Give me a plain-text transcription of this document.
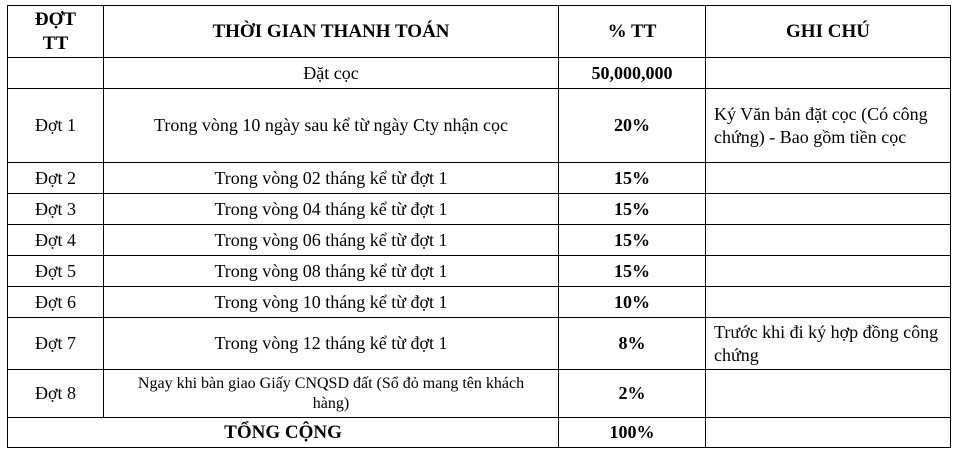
ĐỢT
TT	THỜI GIAN THANH TOÁN	% TT	GHI CHÚ
	Đặt cọc	50,000,000	
Đợt 1	Trong vòng 10 ngày sau kể từ ngày Cty nhận cọc	20%	Ký Văn bản đặt cọc (Có công chứng) - Bao gồm tiền cọc
Đợt 2	Trong vòng 02 tháng kể từ đợt 1	15%	
Đợt 3	Trong vòng 04 tháng kể từ đợt 1	15%	
Đợt 4	Trong vòng 06 tháng kể từ đợt 1	15%	
Đợt 5	Trong vòng 08 tháng kể từ đợt 1	15%	
Đợt 6	Trong vòng 10 tháng kể từ đợt 1	10%	
Đợt 7	Trong vòng 12 tháng kể từ đợt 1	8%	Trước khi đi ký hợp đồng công chứng
Đợt 8	Ngay khi bàn giao Giấy CNQSD đất (Sổ đỏ mang tên khách hàng)	2%	
TỔNG CỘNG		100%	
